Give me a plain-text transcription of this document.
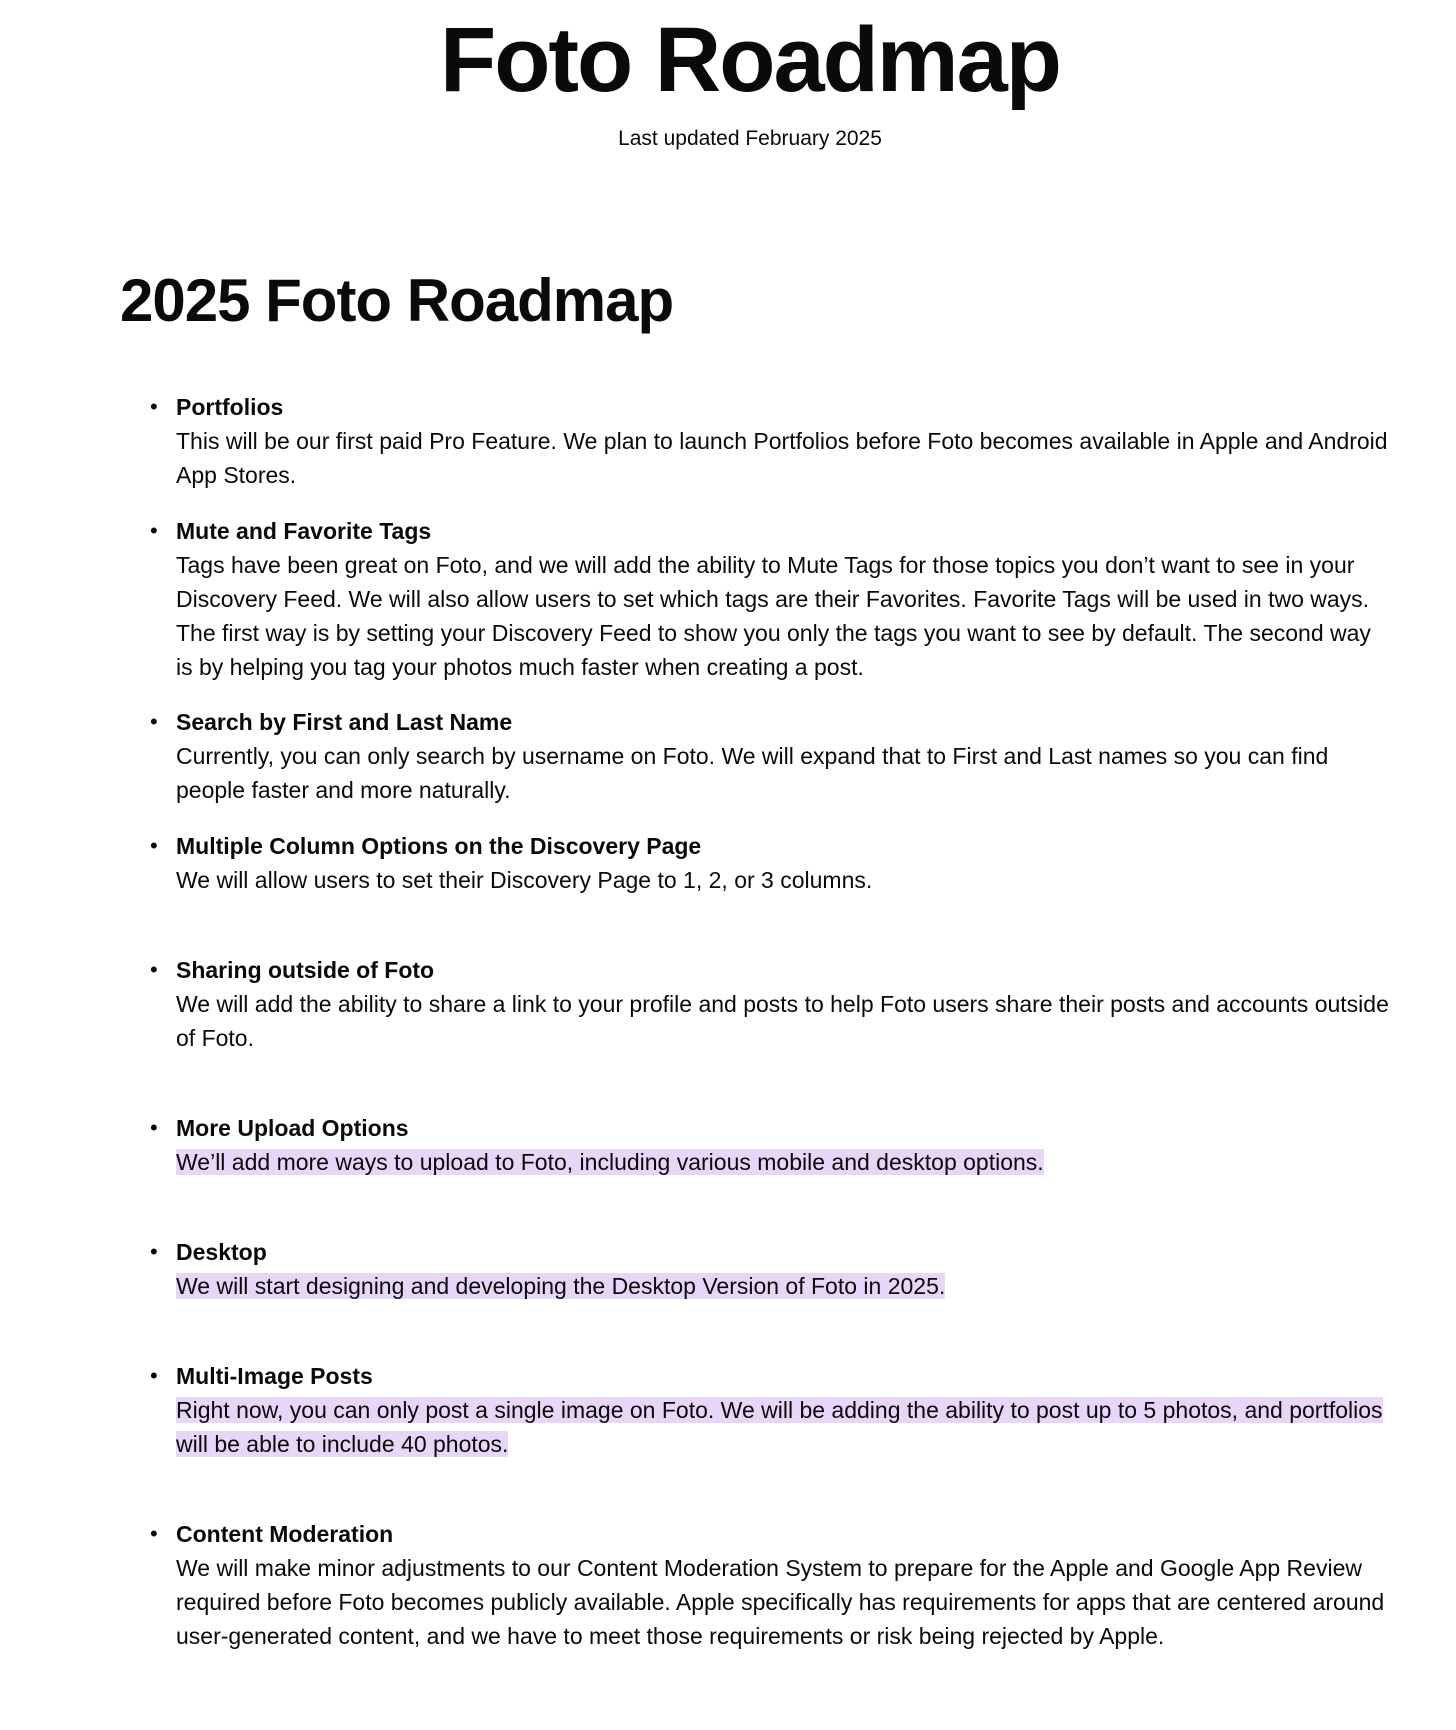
Foto Roadmap

Last updated February 2025

2025 Foto Roadmap
• Portfolios
This will be our first paid Pro Feature. We plan to launch Portfolios before Foto becomes available in Apple and Android App Stores.
• Mute and Favorite Tags
Tags have been great on Foto, and we will add the ability to Mute Tags for those topics you don’t want to see in your Discovery Feed. We will also allow users to set which tags are their Favorites. Favorite Tags will be used in two ways. The first way is by setting your Discovery Feed to show you only the tags you want to see by default. The second way is by helping you tag your photos much faster when creating a post.
• Search by First and Last Name
Currently, you can only search by username on Foto. We will expand that to First and Last names so you can find people faster and more naturally.
• Multiple Column Options on the Discovery Page
We will allow users to set their Discovery Page to 1, 2, or 3 columns.
• Sharing outside of Foto
We will add the ability to share a link to your profile and posts to help Foto users share their posts and accounts outside of Foto.
• More Upload Options
We’ll add more ways to upload to Foto, including various mobile and desktop options.
• Desktop
We will start designing and developing the Desktop Version of Foto in 2025.
• Multi-Image Posts
Right now, you can only post a single image on Foto. We will be adding the ability to post up to 5 photos, and portfolios will be able to include 40 photos.
• Content Moderation
We will make minor adjustments to our Content Moderation System to prepare for the Apple and Google App Review required before Foto becomes publicly available. Apple specifically has requirements for apps that are centered around user-generated content, and we have to meet those requirements or risk being rejected by Apple.
